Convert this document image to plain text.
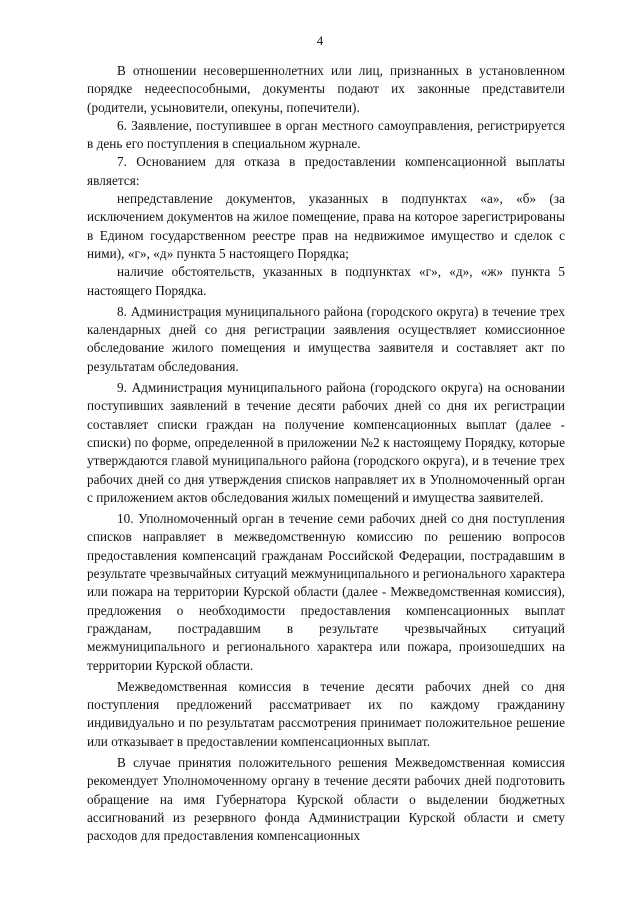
4

В отношении несовершеннолетних или лиц, признанных в установленном порядке недееспособными, документы подают их законные представители (родители, усыновители, опекуны, попечители).

6. Заявление, поступившее в орган местного самоуправления, регистрируется в день его поступления в специальном журнале.

7. Основанием для отказа в предоставлении компенсационной выплаты является:

непредставление документов, указанных в подпунктах «а», «б» (за исключением документов на жилое помещение, права на которое зарегистрированы в Едином государственном реестре прав на недвижимое имущество и сделок с ними), «г», «д» пункта 5 настоящего Порядка;

наличие обстоятельств, указанных в подпунктах «г», «д», «ж» пункта 5 настоящего Порядка.

8. Администрация муниципального района (городского округа) в течение трех календарных дней со дня регистрации заявления осуществляет комиссионное обследование жилого помещения и имущества заявителя и составляет акт по результатам обследования.

9. Администрация муниципального района (городского округа) на основании поступивших заявлений в течение десяти рабочих дней со дня их регистрации составляет списки граждан на получение компенсационных выплат (далее - списки) по форме, определенной в приложении №2 к настоящему Порядку, которые утверждаются главой муниципального района (городского округа), и в течение трех рабочих дней со дня утверждения списков направляет их в Уполномоченный орган с приложением актов обследования жилых помещений и имущества заявителей.

10. Уполномоченный орган в течение семи рабочих дней со дня поступления списков направляет в межведомственную комиссию по решению вопросов предоставления компенсаций гражданам Российской Федерации, пострадавшим в результате чрезвычайных ситуаций межмуниципального и регионального характера или пожара на территории Курской области (далее - Межведомственная комиссия), предложения о необходимости предоставления компенсационных выплат гражданам, пострадавшим в результате чрезвычайных ситуаций межмуниципального и регионального характера или пожара, произошедших на территории Курской области.

Межведомственная комиссия в течение десяти рабочих дней со дня поступления предложений рассматривает их по каждому гражданину индивидуально и по результатам рассмотрения принимает положительное решение или отказывает в предоставлении компенсационных выплат.

В случае принятия положительного решения Межведомственная комиссия рекомендует Уполномоченному органу в течение десяти рабочих дней подготовить обращение на имя Губернатора Курской области о выделении бюджетных ассигнований из резервного фонда Администрации Курской области и смету расходов для предоставления компенсационных
